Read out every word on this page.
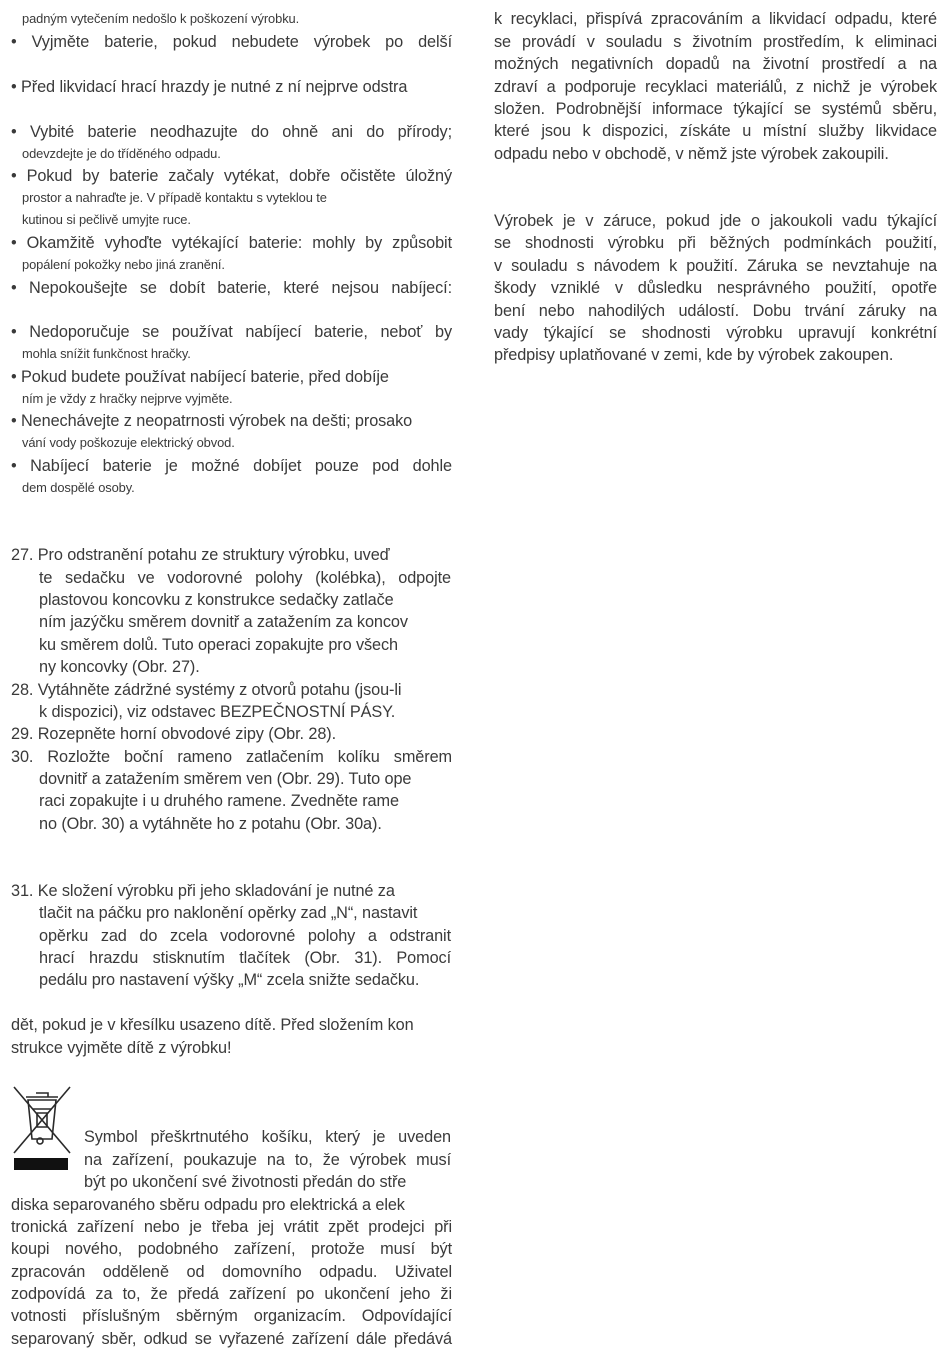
padným vytečením nedošlo k poškození výrobku.
• Vyjměte baterie, pokud nebudete výrobek po delší
• Před likvidací hrací hrazdy je nutné z ní nejprve odstra
• Vybité baterie neodhazujte do ohně ani do přírody;
odevzdejte je do tříděného odpadu.
• Pokud by baterie začaly vytékat, dobře očistěte úložný
prostor a nahraďte je. V případě kontaktu s vyteklou te
kutinou si pečlivě umyjte ruce.
• Okamžitě vyhoďte vytékající baterie: mohly by způsobit
popálení pokožky nebo jiná zranění.
• Nepokoušejte se dobít baterie, které nejsou nabíjecí:
• Nedoporučuje se používat nabíjecí baterie, neboť by
mohla snížit funkčnost hračky.
• Pokud budete používat nabíjecí baterie, před dobíje
ním je vždy z hračky nejprve vyjměte.
• Nenechávejte z neopatrnosti výrobek na dešti; prosako
vání vody poškozuje elektrický obvod.
• Nabíjecí baterie je možné dobíjet pouze pod dohle
dem dospělé osoby.
27. Pro odstranění potahu ze struktury výrobku, uveď
te sedačku ve vodorovné polohy (kolébka), odpojte
plastovou koncovku z konstrukce sedačky zatlače
ním jazýčku směrem dovnitř a zatažením za koncov
ku směrem dolů. Tuto operaci zopakujte pro všech
ny koncovky (Obr. 27).
28. Vytáhněte zádržné systémy z otvorů potahu (jsou-li
k dispozici), viz odstavec BEZPEČNOSTNÍ PÁSY.
29. Rozepněte horní obvodové zipy (Obr. 28).
30. Rozložte boční rameno zatlačením kolíku směrem
dovnitř a zatažením směrem ven (Obr. 29). Tuto ope
raci zopakujte i u druhého ramene. Zvedněte rame
no (Obr. 30) a vytáhněte ho z potahu (Obr. 30a).
31. Ke složení výrobku při jeho skladování je nutné za
tlačit na páčku pro naklonění opěrky zad „N“, nastavit
opěrku zad do zcela vodorovné polohy a odstranit
hrací hrazdu stisknutím tlačítek (Obr. 31). Pomocí
pedálu pro nastavení výšky „M“ zcela snižte sedačku.
dět, pokud je v křesílku usazeno dítě. Před složením kon
strukce vyjměte dítě z výrobku!
Symbol přeškrtnutého košíku, který je uveden
na zařízení, poukazuje na to, že výrobek musí
být po ukončení své životnosti předán do stře
diska separovaného sběru odpadu pro elektrická a elek
tronická zařízení nebo je třeba jej vrátit zpět prodejci při
koupi nového, podobného zařízení, protože musí být
zpracován odděleně od domovního odpadu. Uživatel
zodpovídá za to, že předá zařízení po ukončení jeho ži
votnosti příslušným sběrným organizacím. Odpovídající
separovaný sběr, odkud se vyřazené zařízení dále předává
k recyklaci, přispívá zpracováním a likvidací odpadu, které
se provádí v souladu s životním prostředím, k eliminaci
možných negativních dopadů na životní prostředí a na
zdraví a podporuje recyklaci materiálů, z nichž je výrobek
složen. Podrobnější informace týkající se systémů sběru,
které jsou k dispozici, získáte u místní služby likvidace
odpadu nebo v obchodě, v němž jste výrobek zakoupili.
Výrobek je v záruce, pokud jde o jakoukoli vadu týkající
se shodnosti výrobku při běžných podmínkách použití,
v souladu s návodem k použití. Záruka se nevztahuje na
škody vzniklé v důsledku nesprávného použití, opotře
bení nebo nahodilých událostí. Dobu trvání záruky na
vady týkající se shodnosti výrobku upravují konkrétní
předpisy uplatňované v zemi, kde by výrobek zakoupen.
